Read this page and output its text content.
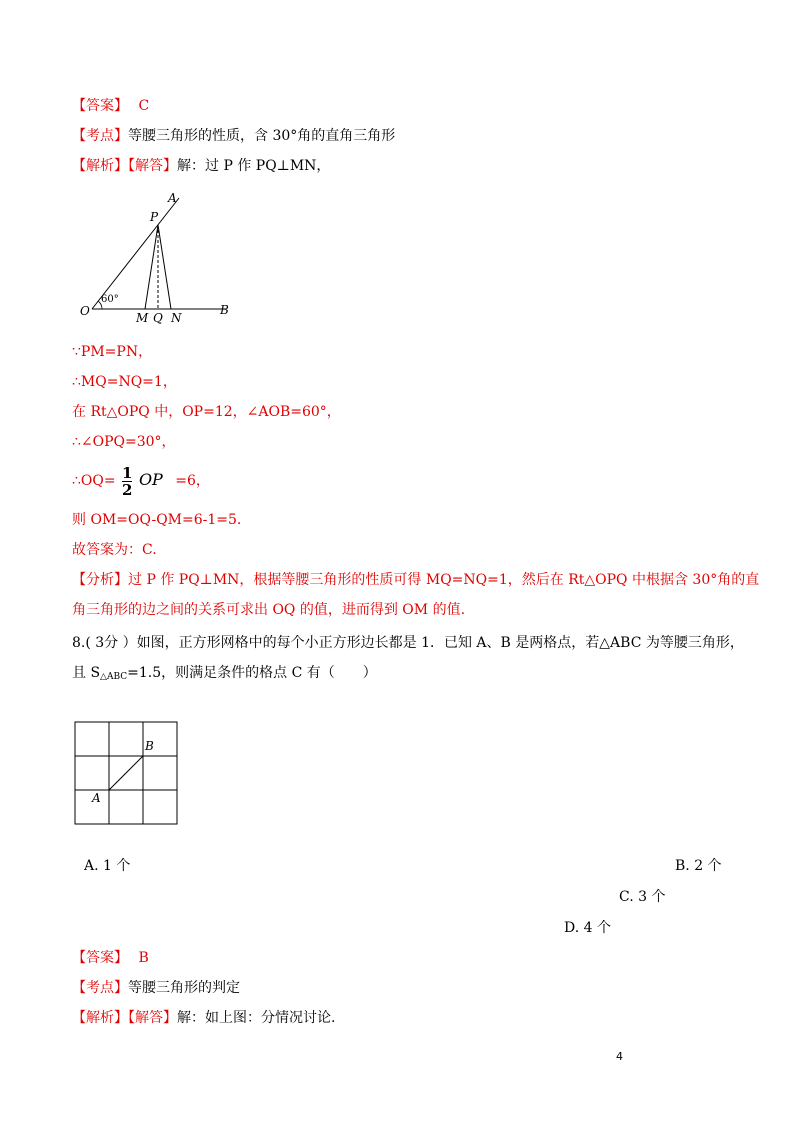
【答案】 C
【考点】等腰三角形的性质，含 30°角的直角三角形
【解析】【解答】解：过 P 作 PQ⊥MN，
A
P
O
60°
M Q N
B
∵PM=PN，
∴MQ=NQ=1，
在 Rt△OPQ 中，OP=12，∠AOB=60°，
∴∠OPQ=30°，
∴OQ= $\frac{1}{2}$ OP =6，
则 OM=OQ-QM=6-1=5.
故答案为：C.
【分析】过 P 作 PQ⊥MN，根据等腰三角形的性质可得 MQ=NQ=1，然后在 Rt△OPQ 中根据含 30°角的直
角三角形的边之间的关系可求出 OQ 的值，进而得到 OM 的值.
8.( 3分 ）如图，正方形网格中的每个小正方形边长都是 1．已知 A、B 是两格点，若△ABC 为等腰三角形，
且 $S_{\triangle ABC}=1.5$，则满足条件的格点 C 有（　　）
A
B
A. 1 个	B. 2 个
C. 3 个
D. 4 个
【答案】 B
【考点】等腰三角形的判定
【解析】【解答】解：如上图：分情况讨论.
4
